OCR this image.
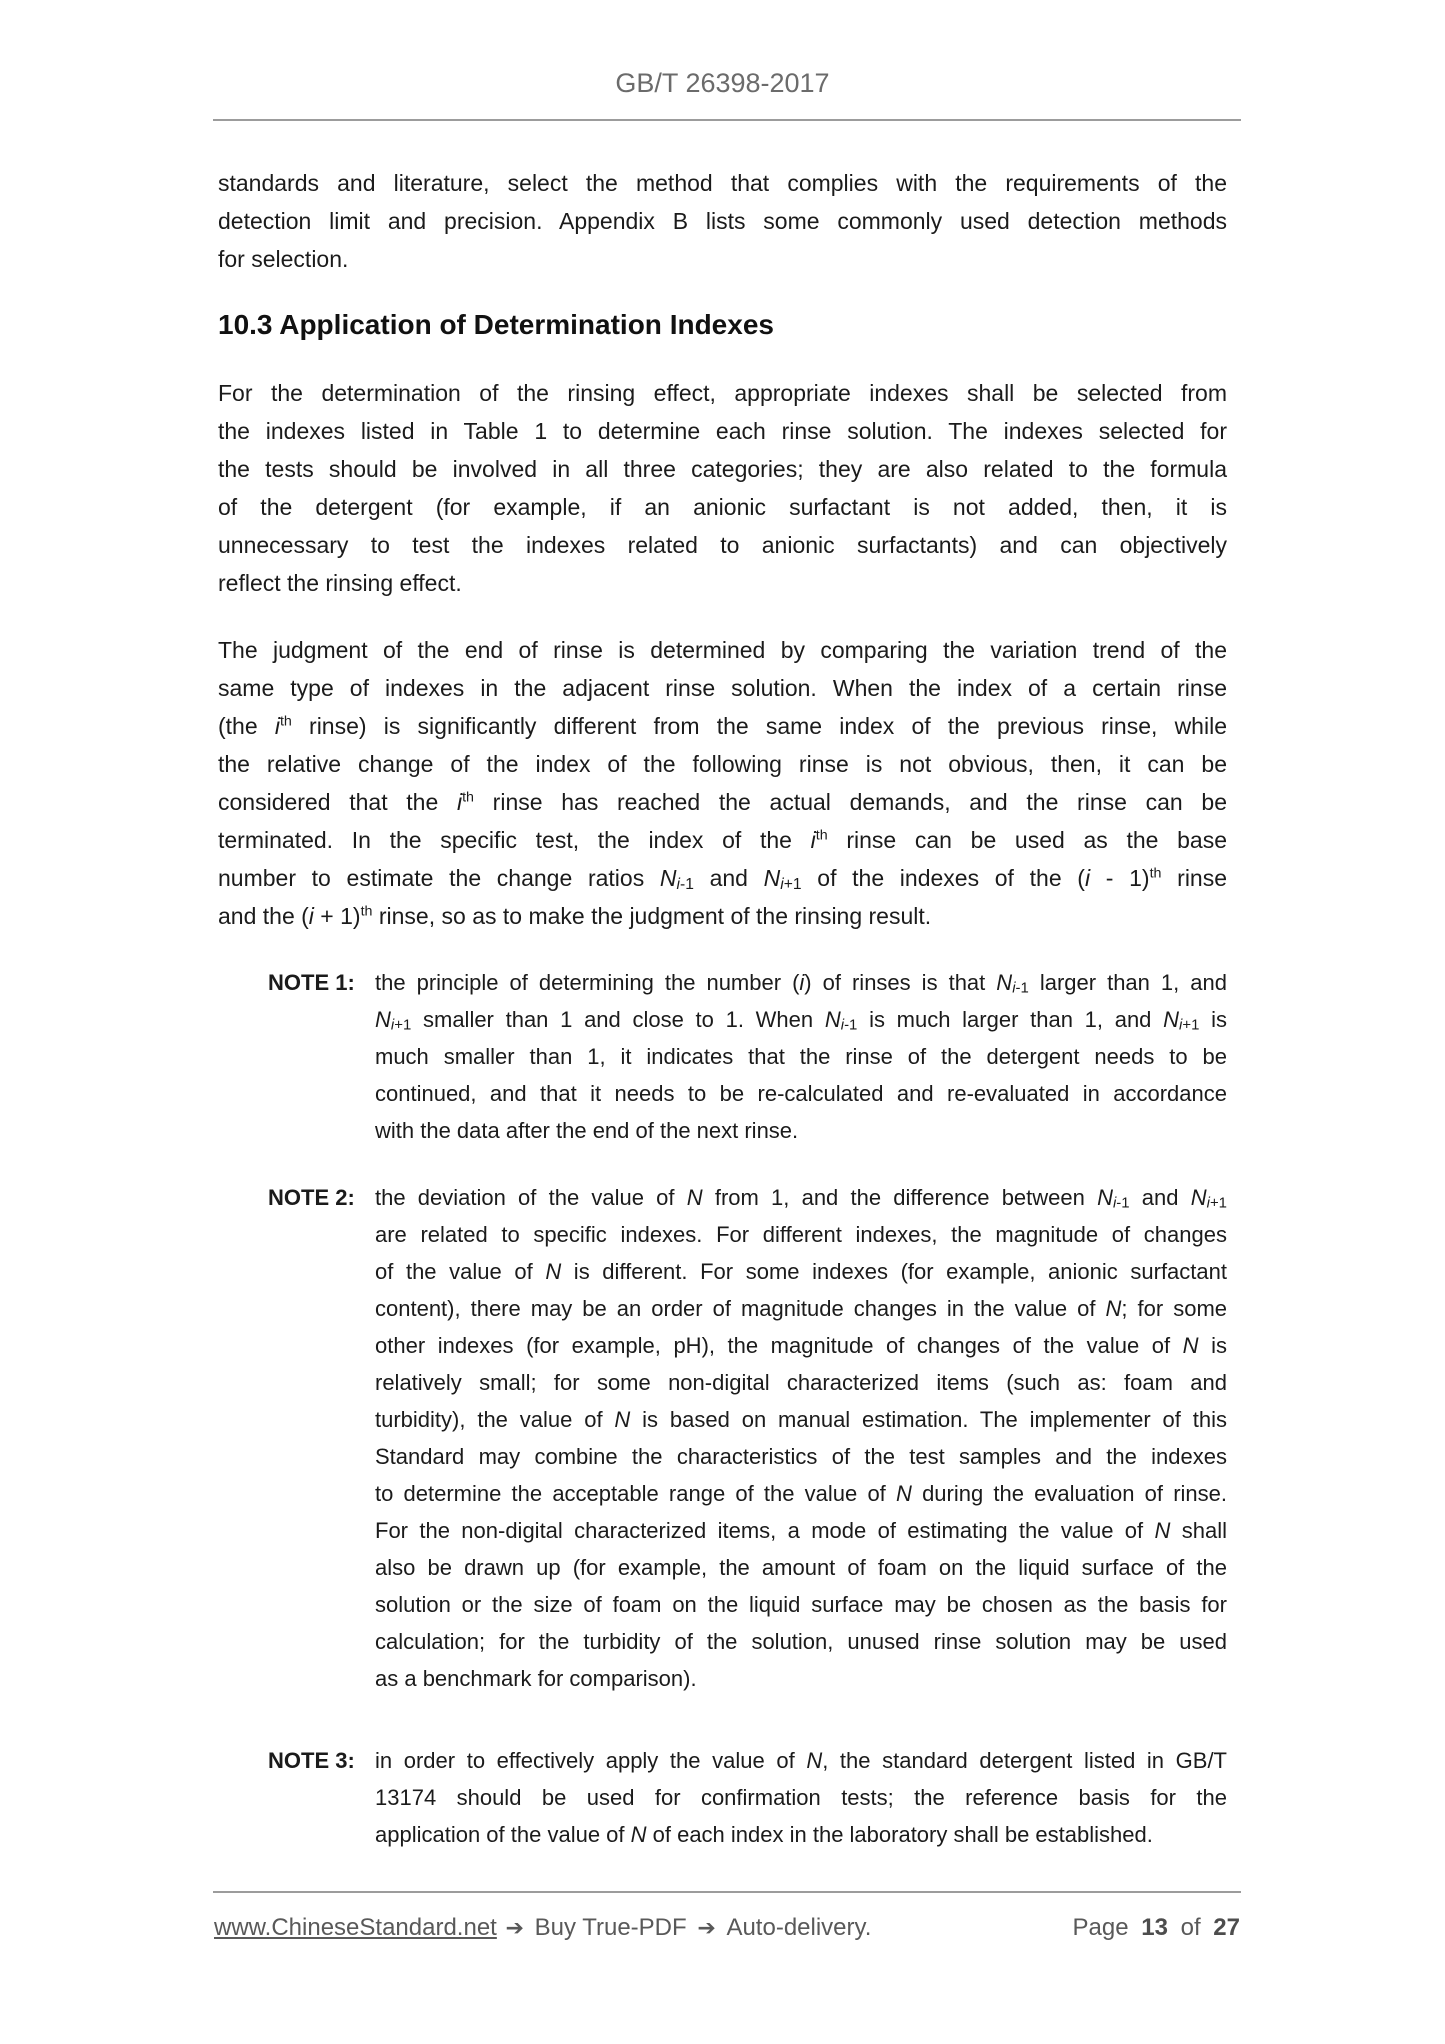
GB/T 26398-2017
standards and literature, select the method that complies with the requirements of the
detection limit and precision. Appendix B lists some commonly used detection methods
for selection.
10.3 Application of Determination Indexes
For the determination of the rinsing effect, appropriate indexes shall be selected from
the indexes listed in Table 1 to determine each rinse solution. The indexes selected for
the tests should be involved in all three categories; they are also related to the formula
of the detergent (for example, if an anionic surfactant is not added, then, it is
unnecessary to test the indexes related to anionic surfactants) and can objectively
reflect the rinsing effect.
The judgment of the end of rinse is determined by comparing the variation trend of the
same type of indexes in the adjacent rinse solution. When the index of a certain rinse
(the $i^{th}$ rinse) is significantly different from the same index of the previous rinse, while
the relative change of the index of the following rinse is not obvious, then, it can be
considered that the $i^{th}$ rinse has reached the actual demands, and the rinse can be
terminated. In the specific test, the index of the $i^{th}$ rinse can be used as the base
number to estimate the change ratios $N_{i-1}$ and $N_{i+1}$ of the indexes of the (i - 1)$^{th}$ rinse
and the $(i + 1)^{th}$ rinse, so as to make the judgment of the rinsing result.
NOTE 1: the principle of determining the number (i) of rinses is that $N_{i-1}$ larger than 1, and
$N_{i+1}$ smaller than 1 and close to 1. When $N_{i-1}$ is much larger than 1, and $N_{i+1}$ is
much smaller than 1, it indicates that the rinse of the detergent needs to be
continued, and that it needs to be re-calculated and re-evaluated in accordance
with the data after the end of the next rinse.
NOTE 2: the deviation of the value of N from 1, and the difference between $N_{i-1}$ and $N_{i+1}$
are related to specific indexes. For different indexes, the magnitude of changes
of the value of N is different. For some indexes (for example, anionic surfactant
content), there may be an order of magnitude changes in the value of N; for some
other indexes (for example, pH), the magnitude of changes of the value of N is
relatively small; for some non-digital characterized items (such as: foam and
turbidity), the value of N is based on manual estimation. The implementer of this
Standard may combine the characteristics of the test samples and the indexes
to determine the acceptable range of the value of N during the evaluation of rinse.
For the non-digital characterized items, a mode of estimating the value of N shall
also be drawn up (for example, the amount of foam on the liquid surface of the
solution or the size of foam on the liquid surface may be chosen as the basis for
calculation; for the turbidity of the solution, unused rinse solution may be used
as a benchmark for comparison).
NOTE 3: in order to effectively apply the value of N, the standard detergent listed in GB/T
13174 should be used for confirmation tests; the reference basis for the
application of the value of N of each index in the laboratory shall be established.
www.ChineseStandard.net ➔ Buy True-PDF ➔ Auto-delivery.	Page 13 of 27
